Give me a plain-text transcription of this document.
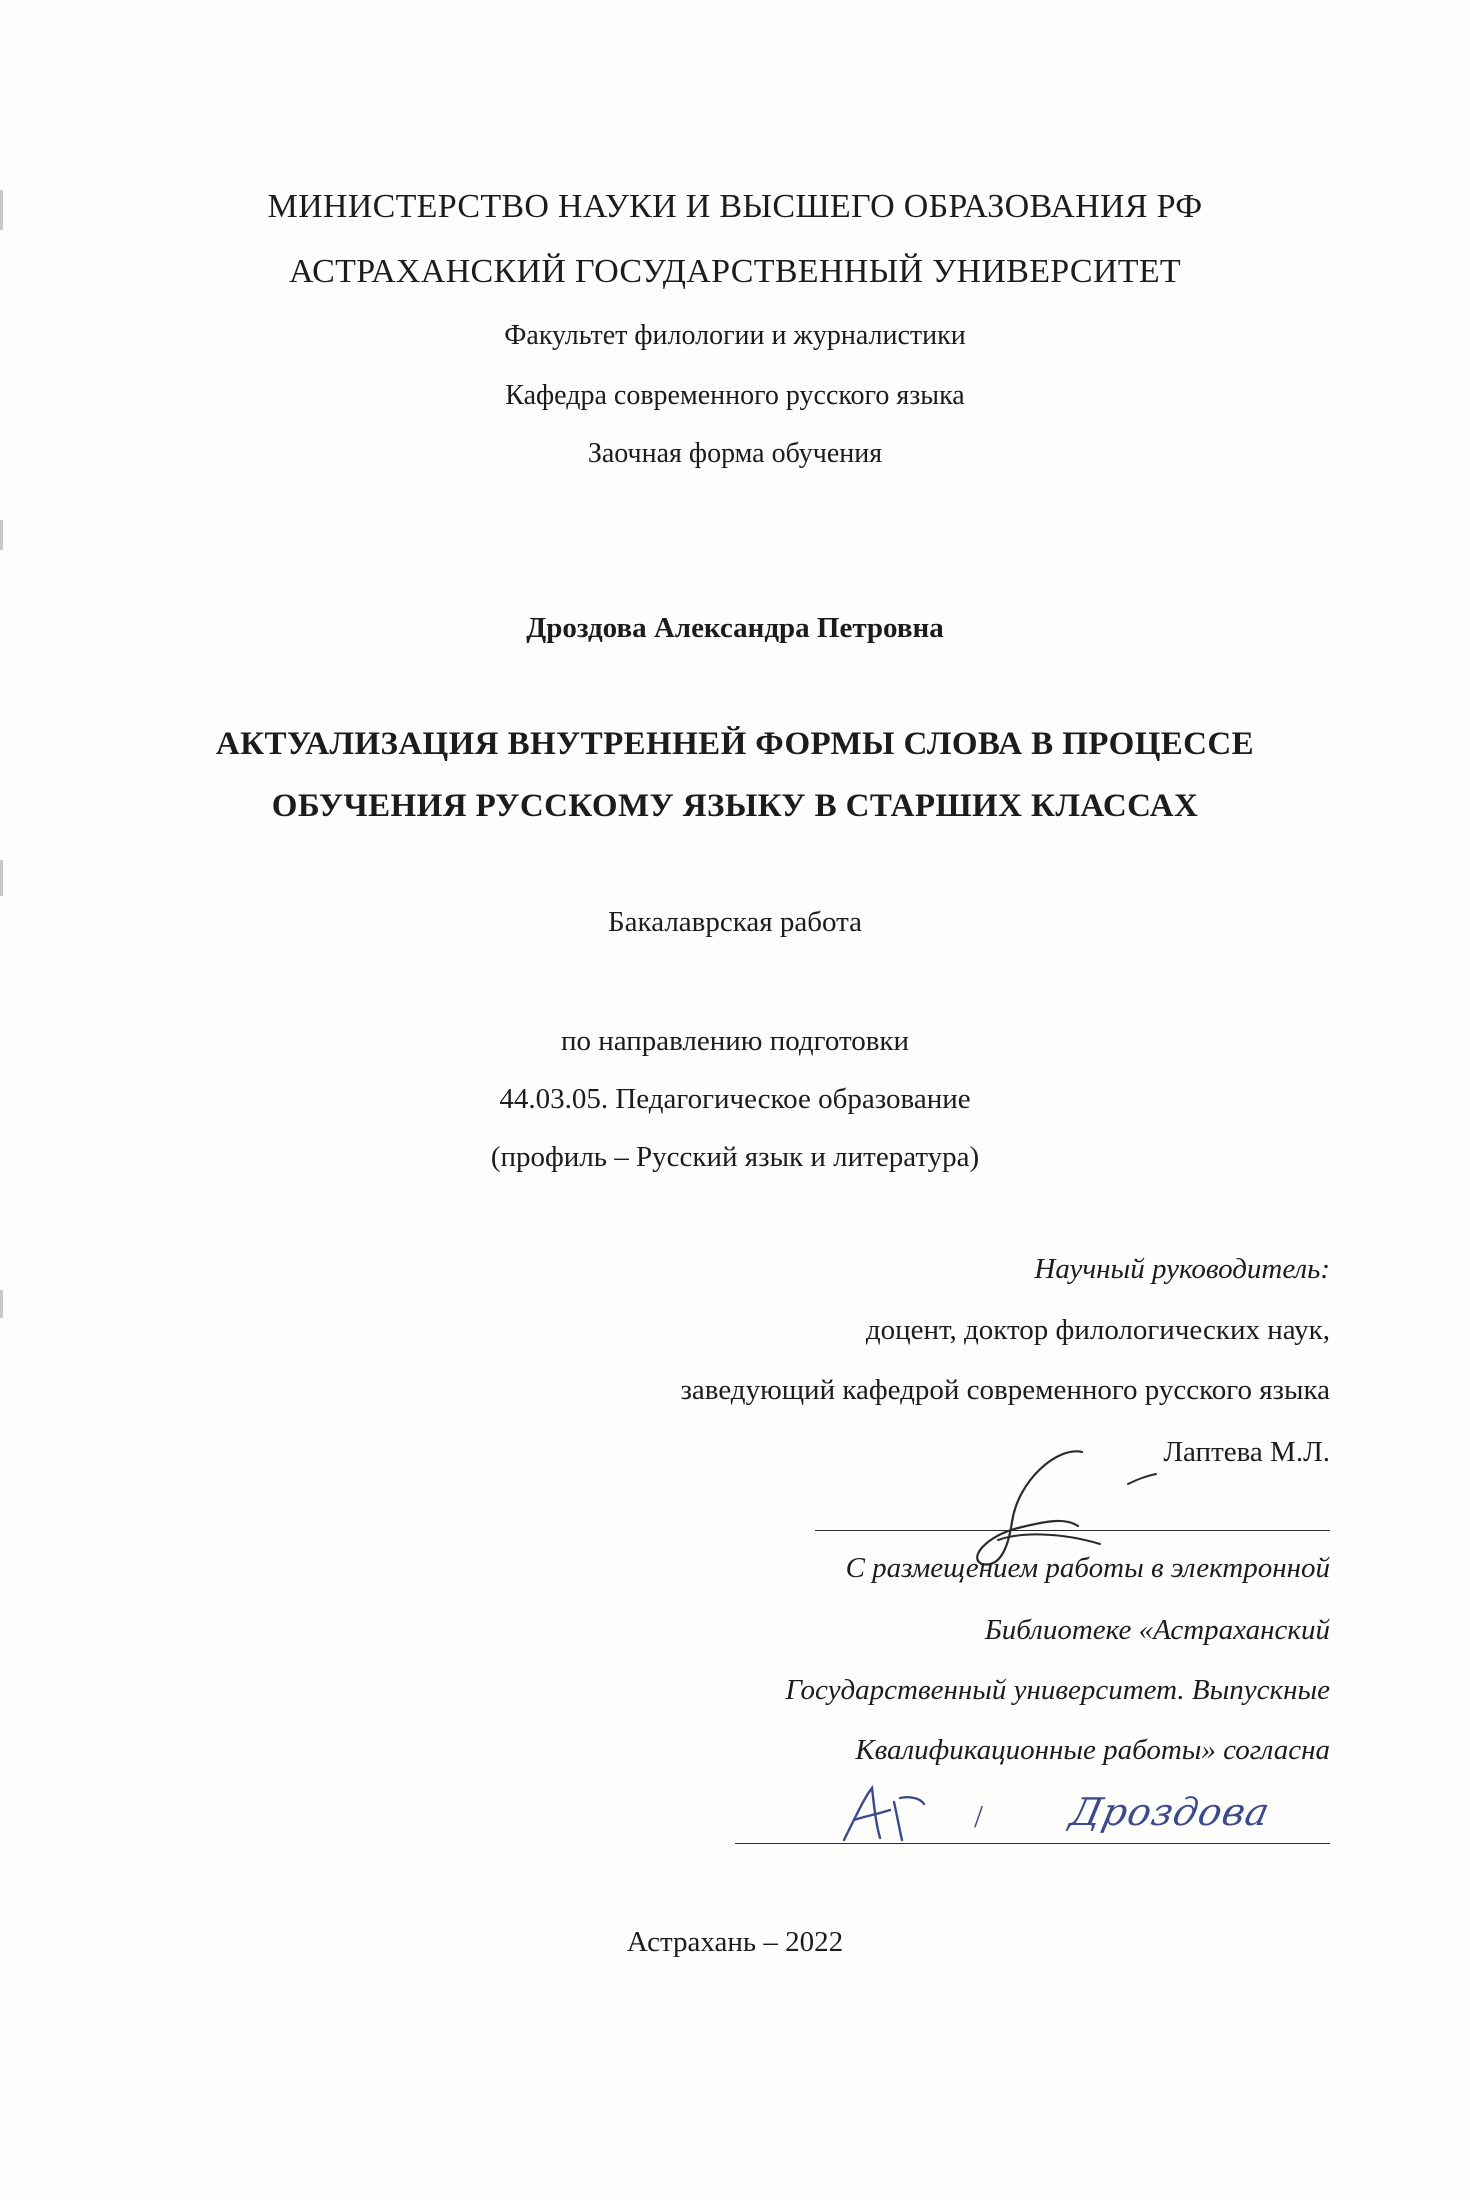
МИНИСТЕРСТВО НАУКИ И ВЫСШЕГО ОБРАЗОВАНИЯ РФ
АСТРАХАНСКИЙ ГОСУДАРСТВЕННЫЙ УНИВЕРСИТЕТ
Факультет филологии и журналистики
Кафедра современного русского языка
Заочная форма обучения
Дроздова Александра Петровна
АКТУАЛИЗАЦИЯ ВНУТРЕННЕЙ ФОРМЫ СЛОВА В ПРОЦЕССЕ
ОБУЧЕНИЯ РУССКОМУ ЯЗЫКУ В СТАРШИХ КЛАССАХ
Бакалаврская работа
по направлению подготовки
44.03.05. Педагогическое образование
(профиль – Русский язык и литература)
Научный руководитель:
доцент, доктор филологических наук,
заведующий кафедрой современного русского языка
Лаптева М.Л.
С размещением работы в электронной
Библиотеке «Астраханский
Государственный университет. Выпускные
Квалификационные работы» согласна
/ Дроздова
Астрахань – 2022
